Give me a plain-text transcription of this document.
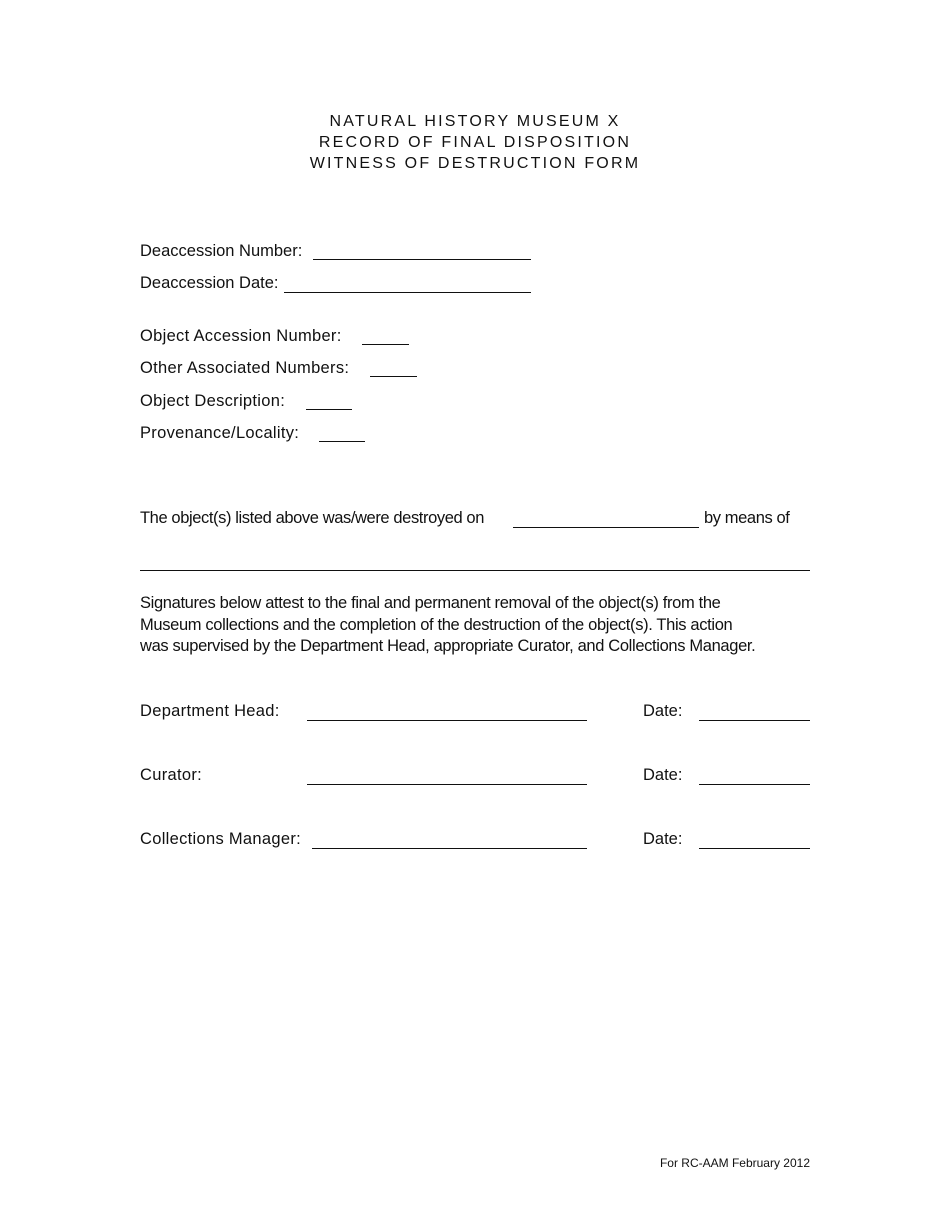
NATURAL HISTORY MUSEUM X
RECORD OF FINAL DISPOSITION
WITNESS OF DESTRUCTION FORM
Deaccession Number:
Deaccession Date:
Object Accession Number:
Other Associated Numbers:
Object Description:
Provenance/Locality:
The object(s) listed above was/were destroyed on	by means of

Signatures below attest to the final and permanent removal of the object(s) from the

Museum collections and the completion of the destruction of the object(s). This action

was supervised by the Department Head, appropriate Curator, and Collections Manager.

Department Head:	Date:
Curator:	Date:
Collections Manager:	Date:
For RC-AAM February 2012
